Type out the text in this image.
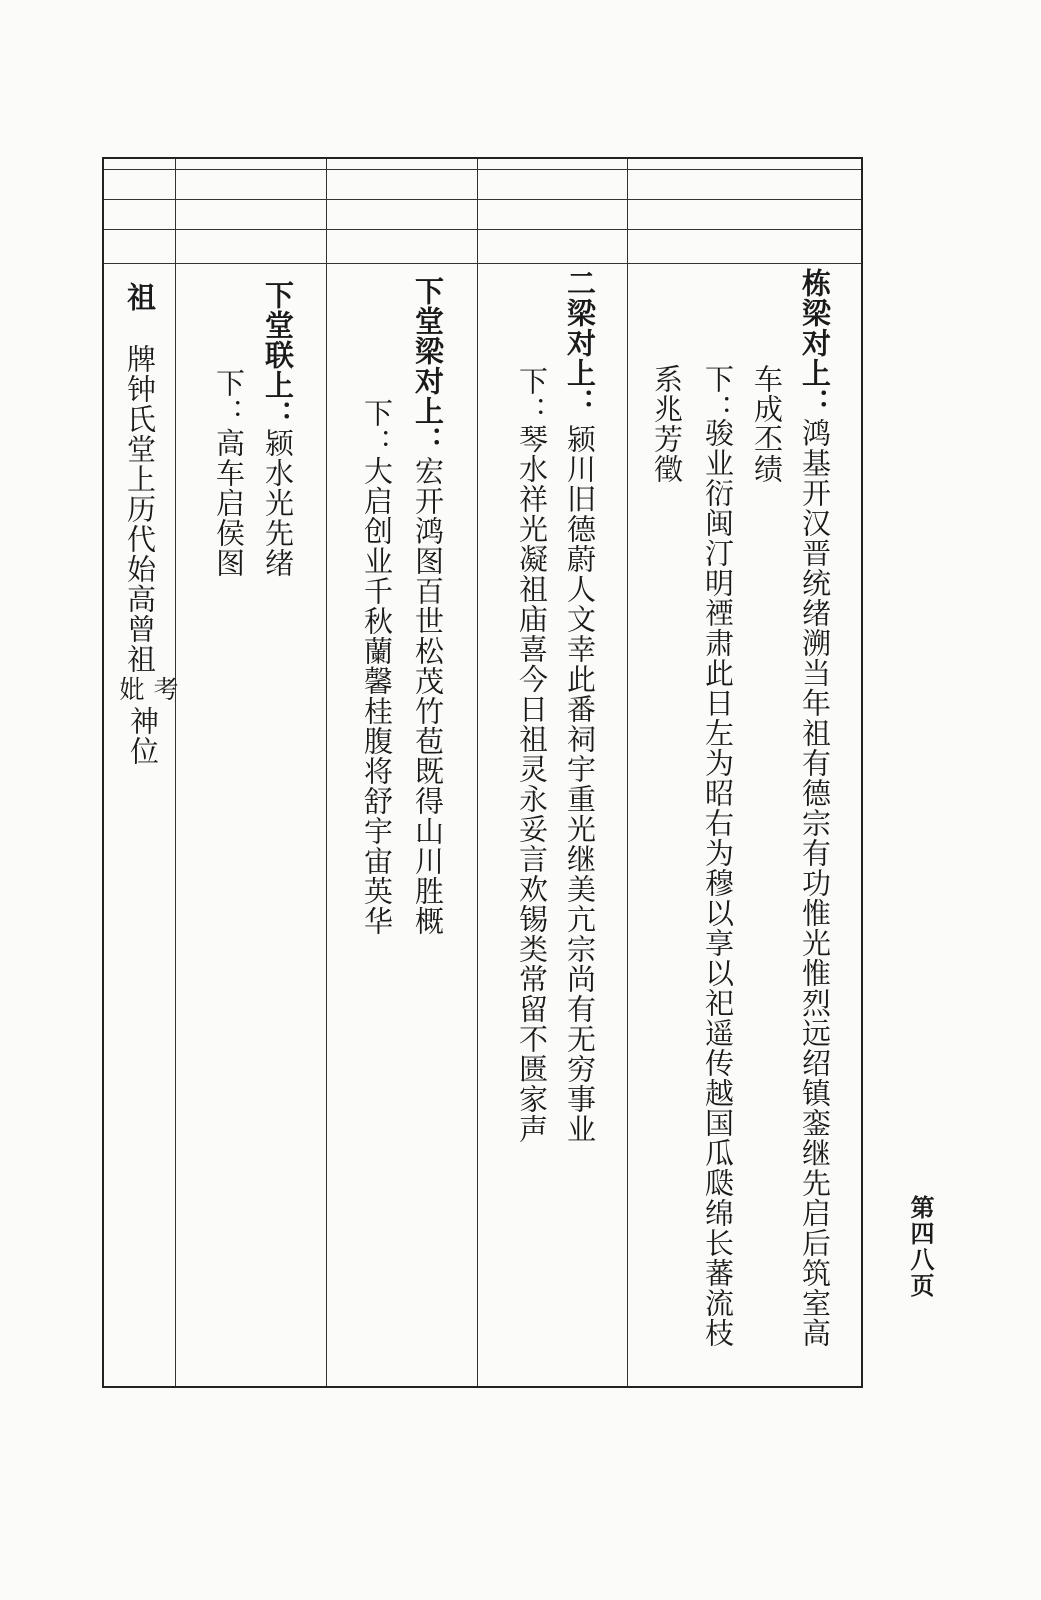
栋梁对上：
鸿基开汉晋统绪溯当年祖有德宗有功惟光惟烈远绍镇銮继先启后筑室高
车成丕绩
下：
骏业衍闽汀明禋肃此日左为昭右为穆以享以祀遥传越国瓜瓞绵长蕃流枝
系兆芳徵
二梁对上：
颍川旧德蔚人文幸此番祠宇重光继美亢宗尚有无穷事业
下：
琴水祥光凝祖庙喜今日祖灵永妥言欢锡类常留不匮家声
下堂梁对上：
宏开鸿图百世松茂竹苞既得山川胜概
下：
大启创业千秋蘭馨桂腹将舒宇宙英华
下堂联上：
颍水光先绪
下：
高车启侯图
祖
牌钟氏堂上历代始高曾祖
考
妣
神位
第四八页
